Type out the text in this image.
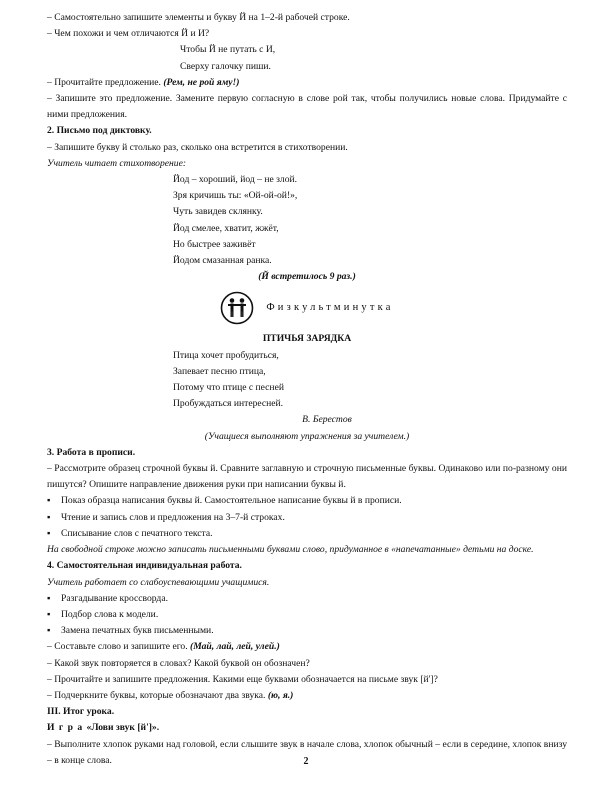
– Самостоятельно запишите элементы и букву Й на 1–2-й рабочей строке.

– Чем похожи и чем отличаются Й и И?

Чтобы Й не путать с И,

Сверху галочку пиши.

– Прочитайте предложение. (Рем, не рой яму!)

– Запишите это предложение. Замените первую согласную в слове рой так, чтобы получились новые слова. Придумайте с ними предложения.

2. Письмо под диктовку.

– Запишите букву й столько раз, сколько она встретится в стихотворении.

Учитель читает стихотворение:

Йод – хороший, йод – не злой.

Зря кричишь ты: «Ой-ой-ой!»,

Чуть завидев склянку.

Йод смелее, хватит, жжёт,

Но быстрее заживёт

Йодом смазанная ранка.

(Й встретилось 9 раз.)

Физкультминутка

ПТИЧЬЯ ЗАРЯДКА

Птица хочет пробудиться,

Запевает песню птица,

Потому что птице с песней

Пробуждаться интересней.

В. Берестов

(Учащиеся выполняют упражнения за учителем.)

3. Работа в прописи.

– Рассмотрите образец строчной буквы й. Сравните заглавную и строчную письменные буквы. Одинаково или по-разному они пишутся? Опишите направление движения руки при написании буквы й.

▪	Показ образца написания буквы й. Самостоятельное написание буквы й в прописи.
▪	Чтение и запись слов и предложения на 3–7-й строках.
▪	Списывание слов с печатного текста.

На свободной строке можно записать письменными буквами слово, придуманное в «напечатанные» детьми на доске.

4. Самостоятельная индивидуальная работа.

Учитель работает со слабоуспевающими учащимися.

▪	Разгадывание кроссворда.
▪	Подбор слова к модели.
▪	Замена печатных букв письменными.

– Составьте слово и запишите его. (Май, лай, лей, улей.)

– Какой звук повторяется в словах? Какой буквой он обозначен?

– Прочитайте и запишите предложения. Какими еще буквами обозначается на письме звук [й']?

– Подчеркните буквы, которые обозначают два звука. (ю, я.)

III. Итог урока.

И г р а «Лови звук [й']».

– Выполните хлопок руками над головой, если слышите звук в начале слова, хлопок обычный – если в середине, хлопок внизу – в конце слова.	2
